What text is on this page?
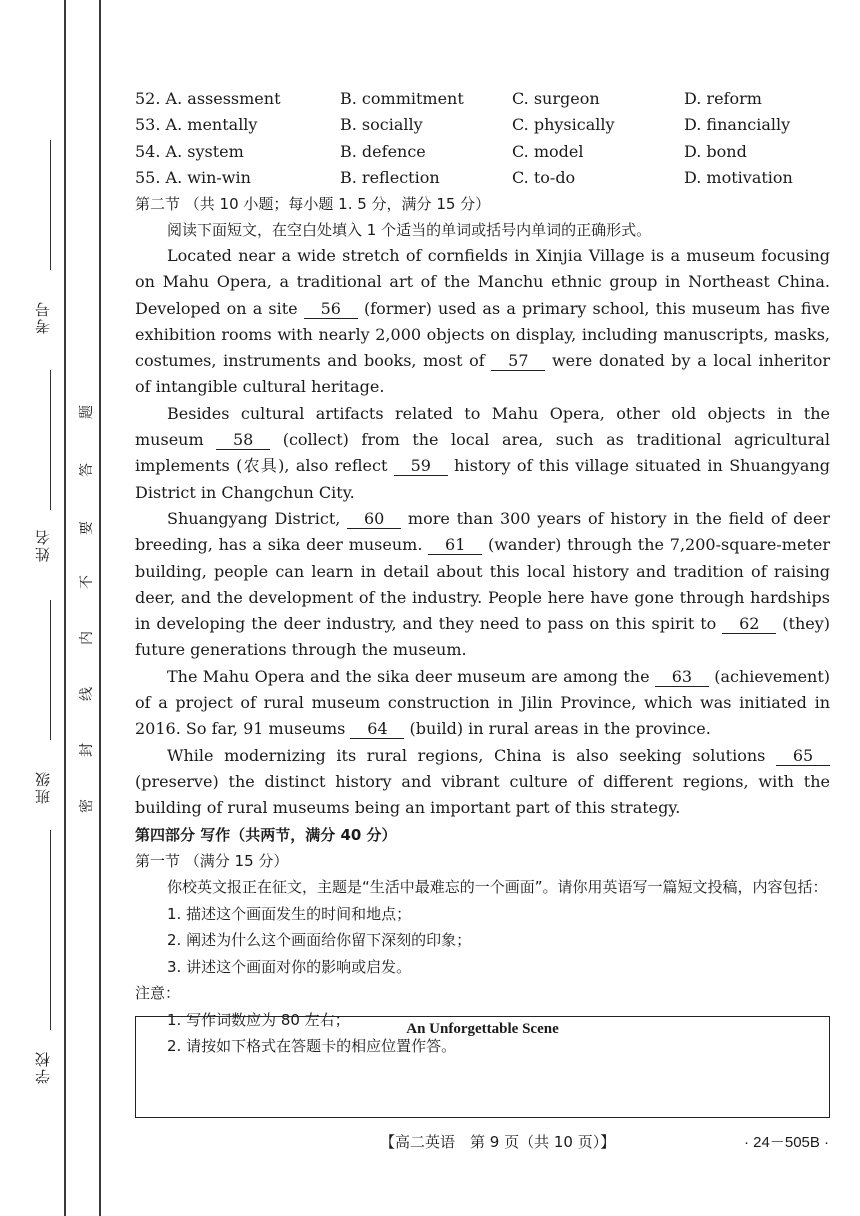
考号
姓名
班级
学校
题
答
要
不
内
线
封
密
52. A. assessment	B. commitment	C. surgeon	D. reform
53. A. mentally	B. socially	C. physically	D. financially
54. A. system	B. defence	C. model	D. bond
55. A. win-win	B. reflection	C. to-do	D. motivation
第二节 （共 10 小题；每小题 1. 5 分，满分 15 分）
阅读下面短文，在空白处填入 1 个适当的单词或括号内单词的正确形式。

Located near a wide stretch of cornfields in Xinjia Village is a museum focusing on Mahu Opera, a traditional art of the Manchu ethnic group in Northeast China. Developed on a site 56 (former) used as a primary school, this museum has five exhibition rooms with nearly 2,000 objects on display, including manuscripts, masks, costumes, instruments and books, most of 57 were donated by a local inheritor of intangible cultural heritage.

Besides cultural artifacts related to Mahu Opera, other old objects in the museum 58 (collect) from the local area, such as traditional agricultural implements (农具), also reflect 59 history of this village situated in Shuangyang District in Changchun City.

Shuangyang District, 60 more than 300 years of history in the field of deer breeding, has a sika deer museum. 61 (wander) through the 7,200-square-meter building, people can learn in detail about this local history and tradition of raising deer, and the development of the industry. People here have gone through hardships in developing the deer industry, and they need to pass on this spirit to 62 (they) future generations through the museum.

The Mahu Opera and the sika deer museum are among the 63 (achievement) of a project of rural museum construction in Jilin Province, which was initiated in 2016. So far, 91 museums 64 (build) in rural areas in the province.

While modernizing its rural regions, China is also seeking solutions 65 (preserve) the distinct history and vibrant culture of different regions, with the building of rural museums being an important part of this strategy.

第四部分 写作（共两节，满分 40 分）
第一节 （满分 15 分）
你校英文报正在征文，主题是“生活中最难忘的一个画面”。请你用英语写一篇短文投稿，内容包括：
1. 描述这个画面发生的时间和地点；
2. 阐述为什么这个画面给你留下深刻的印象；
3. 讲述这个画面对你的影响或启发。
注意：
1. 写作词数应为 80 左右；
2. 请按如下格式在答题卡的相应位置作答。
An Unforgettable Scene
【高二英语　第 9 页（共 10 页）】	· 24－505B ·
